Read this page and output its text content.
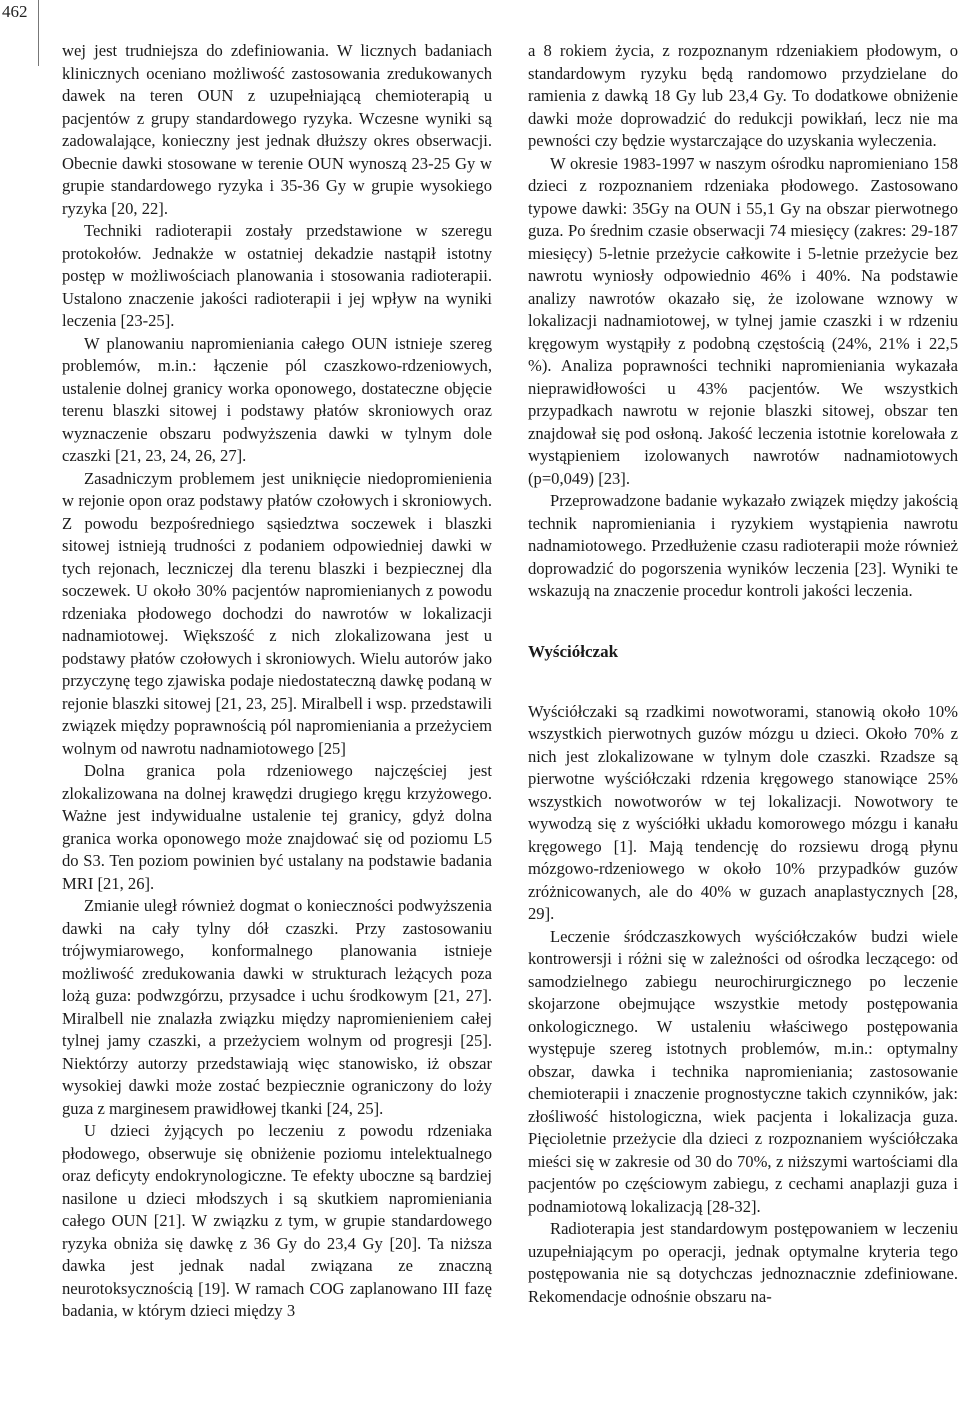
462

wej jest trudniejsza do zdefiniowania. W licznych badaniach klinicznych oceniano możliwość zastosowania zredukowanych dawek na teren OUN z uzupełniającą chemioterapią u pacjentów z grupy standardowego ryzyka. Wczesne wyniki są zadowalające, konieczny jest jednak dłuższy okres obserwacji. Obecnie dawki stosowane w terenie OUN wynoszą 23-25 Gy w grupie standardowego ryzyka i 35-36 Gy w grupie wysokiego ryzyka [20, 22].

Techniki radioterapii zostały przedstawione w szeregu protokołów. Jednakże w ostatniej dekadzie nastąpił istotny postęp w możliwościach planowania i stosowania radioterapii. Ustalono znaczenie jakości radioterapii i jej wpływ na wyniki leczenia [23-25].

W planowaniu napromieniania całego OUN istnieje szereg problemów, m.in.: łączenie pól czaszkowo-rdzeniowych, ustalenie dolnej granicy worka oponowego, dostateczne objęcie terenu blaszki sitowej i podstawy płatów skroniowych oraz wyznaczenie obszaru podwyższenia dawki w tylnym dole czaszki [21, 23, 24, 26, 27].

Zasadniczym problemem jest uniknięcie niedopromienienia w rejonie opon oraz podstawy płatów czołowych i skroniowych. Z powodu bezpośredniego sąsiedztwa soczewek i blaszki sitowej istnieją trudności z podaniem odpowiedniej dawki w tych rejonach, leczniczej dla terenu blaszki i bezpiecznej dla soczewek. U około 30% pacjentów napromienianych z powodu rdzeniaka płodowego dochodzi do nawrotów w lokalizacji nadnamiotowej. Większość z nich zlokalizowana jest u podstawy płatów czołowych i skroniowych. Wielu autorów jako przyczynę tego zjawiska podaje niedostateczną dawkę podaną w rejonie blaszki sitowej [21, 23, 25]. Miralbell i wsp. przedstawili związek między poprawnością pól napromieniania a przeżyciem wolnym od nawrotu nadnamiotowego [25]

Dolna granica pola rdzeniowego najczęściej jest zlokalizowana na dolnej krawędzi drugiego kręgu krzyżowego. Ważne jest indywidualne ustalenie tej granicy, gdyż dolna granica worka oponowego może znajdować się od poziomu L5 do S3. Ten poziom powinien być ustalany na podstawie badania MRI [21, 26].

Zmianie uległ również dogmat o konieczności podwyższenia dawki na cały tylny dół czaszki. Przy zastosowaniu trójwymiarowego, konformalnego planowania istnieje możliwość zredukowania dawki w strukturach leżących poza lożą guza: podwzgórzu, przysadce i uchu środkowym [21, 27]. Miralbell nie znalazła związku między napromienieniem całej tylnej jamy czaszki, a przeżyciem wolnym od progresji [25]. Niektórzy autorzy przedstawiają więc stanowisko, iż obszar wysokiej dawki może zostać bezpiecznie ograniczony do loży guza z marginesem prawidłowej tkanki [24, 25].

U dzieci żyjących po leczeniu z powodu rdzeniaka płodowego, obserwuje się obniżenie poziomu intelektualnego oraz deficyty endokrynologiczne. Te efekty uboczne są bardziej nasilone u dzieci młodszych i są skutkiem napromieniania całego OUN [21]. W związku z tym, w grupie standardowego ryzyka obniża się dawkę z 36 Gy do 23,4 Gy [20]. Ta niższa dawka jest jednak nadal związana ze znaczną neurotoksycznością [19]. W ramach COG zaplanowano III fazę badania, w którym dzieci między 3

a 8 rokiem życia, z rozpoznanym rdzeniakiem płodowym, o standardowym ryzyku będą randomowo przydzielane do ramienia z dawką 18 Gy lub 23,4 Gy. To dodatkowe obniżenie dawki może doprowadzić do redukcji powikłań, lecz nie ma pewności czy będzie wystarczające do uzyskania wyleczenia.

W okresie 1983-1997 w naszym ośrodku napromieniano 158 dzieci z rozpoznaniem rdzeniaka płodowego. Zastosowano typowe dawki: 35Gy na OUN i 55,1 Gy na obszar pierwotnego guza. Po średnim czasie obserwacji 74 miesięcy (zakres: 29-187 miesięcy) 5-letnie przeżycie całkowite i 5-letnie przeżycie bez nawrotu wyniosły odpowiednio 46% i 40%. Na podstawie analizy nawrotów okazało się, że izolowane wznowy w lokalizacji nadnamiotowej, w tylnej jamie czaszki i w rdzeniu kręgowym wystąpiły z podobną częstością (24%, 21% i 22,5 %). Analiza poprawności techniki napromieniania wykazała nieprawidłowości u 43% pacjentów. We wszystkich przypadkach nawrotu w rejonie blaszki sitowej, obszar ten znajdował się pod osłoną. Jakość leczenia istotnie korelowała z wystąpieniem izolowanych nawrotów nadnamiotowych (p=0,049) [23].

Przeprowadzone badanie wykazało związek między jakością technik napromieniania i ryzykiem wystąpienia nawrotu nadnamiotowego. Przedłużenie czasu radioterapii może również doprowadzić do pogorszenia wyników leczenia [23]. Wyniki te wskazują na znaczenie procedur kontroli jakości leczenia.

Wyściółczak

Wyściółczaki są rzadkimi nowotworami, stanowią około 10% wszystkich pierwotnych guzów mózgu u dzieci. Około 70% z nich jest zlokalizowane w tylnym dole czaszki. Rzadsze są pierwotne wyściółczaki rdzenia kręgowego stanowiące 25% wszystkich nowotworów w tej lokalizacji. Nowotwory te wywodzą się z wyściółki układu komorowego mózgu i kanału kręgowego [1]. Mają tendencję do rozsiewu drogą płynu mózgowo-rdzeniowego w około 10% przypadków guzów zróżnicowanych, ale do 40% w guzach anaplastycznych [28, 29].

Leczenie śródczaszkowych wyściółczaków budzi wiele kontrowersji i różni się w zależności od ośrodka leczącego: od samodzielnego zabiegu neurochirurgicznego po leczenie skojarzone obejmujące wszystkie metody postępowania onkologicznego. W ustaleniu właściwego postępowania występuje szereg istotnych problemów, m.in.: optymalny obszar, dawka i technika napromieniania; zastosowanie chemioterapii i znaczenie prognostyczne takich czynników, jak: złośliwość histologiczna, wiek pacjenta i lokalizacja guza. Pięcioletnie przeżycie dla dzieci z rozpoznaniem wyściółczaka mieści się w zakresie od 30 do 70%, z niższymi wartościami dla pacjentów po częściowym zabiegu, z cechami anaplazji guza i podnamiotową lokalizacją [28-32].

Radioterapia jest standardowym postępowaniem w leczeniu uzupełniającym po operacji, jednak optymalne kryteria tego postępowania nie są dotychczas jednoznacznie zdefiniowane. Rekomendacje odnośnie obszaru na-
